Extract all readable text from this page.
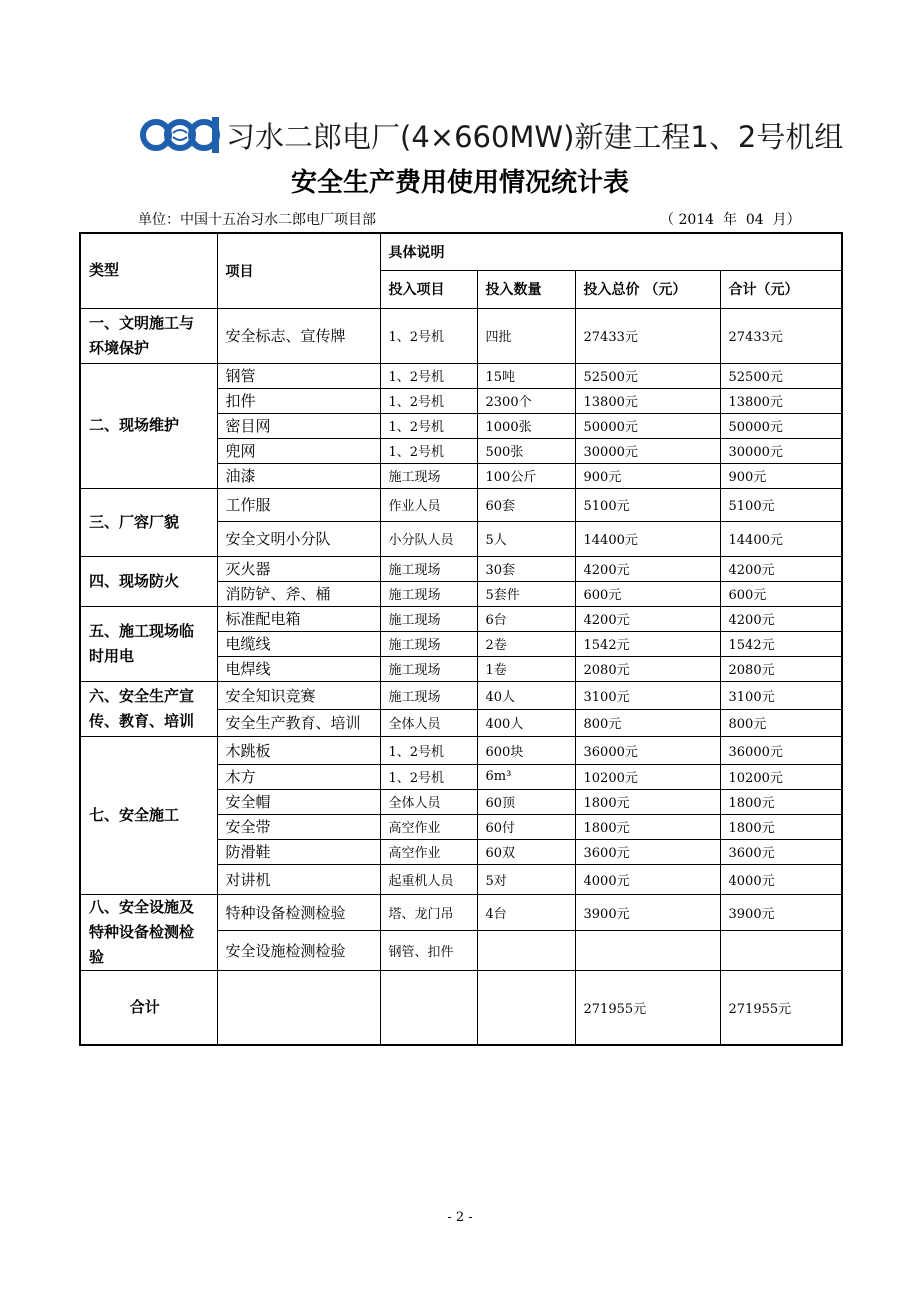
习水二郎电厂(4×660MW)新建工程1、2号机组
安全生产费用使用情况统计表
单位：中国十五冶习水二郎电厂项目部	（ 2014  年  04  月）
类型	项目	具体说明			
		投入项目	投入数量	投入总价 （元）	合计（元）
一、文明施工与环境保护	安全标志、宣传牌	1、2号机	四批	27433元	27433元
二、现场维护	钢管	1、2号机	15吨	52500元	52500元
	扣件	1、2号机	2300个	13800元	13800元
	密目网	1、2号机	1000张	50000元	50000元
	兜网	1、2号机	500张	30000元	30000元
	油漆	施工现场	100公斤	900元	900元
三、厂容厂貌	工作服	作业人员	60套	5100元	5100元
	安全文明小分队	小分队人员	5人	14400元	14400元
四、现场防火	灭火器	施工现场	30套	4200元	4200元
	消防铲、斧、桶	施工现场	5套件	600元	600元
五、施工现场临时用电	标准配电箱	施工现场	6台	4200元	4200元
	电缆线	施工现场	2卷	1542元	1542元
	电焊线	施工现场	1卷	2080元	2080元
六、安全生产宣传、教育、培训	安全知识竞赛	施工现场	40人	3100元	3100元
	安全生产教育、培训	全体人员	400人	800元	800元
七、安全施工	木跳板	1、2号机	600块	36000元	36000元
	木方	1、2号机	6m³	10200元	10200元
	安全帽	全体人员	60顶	1800元	1800元
	安全带	高空作业	60付	1800元	1800元
	防滑鞋	高空作业	60双	3600元	3600元
	对讲机	起重机人员	5对	4000元	4000元
八、安全设施及特种设备检测检验	特种设备检测检验	塔、龙门吊	4台	3900元	3900元
	安全设施检测检验	钢管、扣件			
合计				271955元	271955元
- 2 -
